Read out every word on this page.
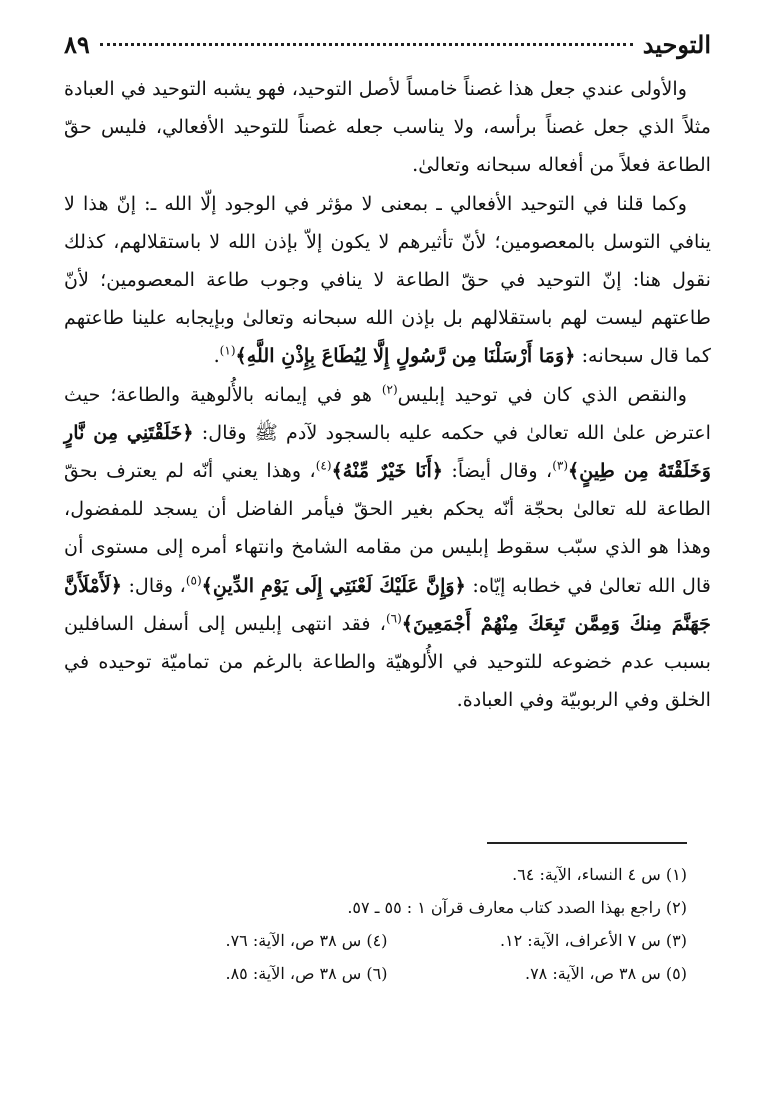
التوحيد
٨٩

والأولى عندي جعل هذا غصناً خامساً لأصل التوحيد، فهو يشبه التوحيد في العبادة مثلاً الذي جعل غصناً برأسه، ولا يناسب جعله غصناً للتوحيد الأفعالي، فليس حقّ الطاعة فعلاً من أفعاله سبحانه وتعالىٰ.

وكما قلنا في التوحيد الأفعالي ـ بمعنى لا مؤثر في الوجود إلّا الله ـ: إنّ هذا لا ينافي التوسل بالمعصومين؛ لأنّ تأثيرهم لا يكون إلاّ بإذن الله لا باستقلالهم، كذلك نقول هنا: إنّ التوحيد في حقّ الطاعة لا ينافي وجوب طاعة المعصومين؛ لأنّ طاعتهم ليست لهم باستقلالهم بل بإذن الله سبحانه وتعالىٰ وبإيجابه علينا طاعتهم كما قال سبحانه: ﴿وَمَا أَرْسَلْنَا مِن رَّسُولٍ إِلَّا لِيُطَاعَ بِإِذْنِ اللَّهِ﴾$^{(١)}$.

والنقص الذي كان في توحيد إبليس$^{(٢)}$ هو في إيمانه بالأُلوهية والطاعة؛ حيث اعترض علىٰ الله تعالىٰ في حكمه عليه بالسجود لآدم ﷺ وقال: ﴿خَلَقْتَنِي مِن نَّارٍ وَخَلَقْتَهُ مِن طِينٍ﴾$^{(٣)}$، وقال أيضاً: ﴿أَنَا خَيْرٌ مِّنْهُ﴾$^{(٤)}$، وهذا يعني أنّه لم يعترف بحقّ الطاعة لله تعالىٰ بحجّة أنّه يحكم بغير الحقّ فيأمر الفاضل أن يسجد للمفضول، وهذا هو الذي سبّب سقوط إبليس من مقامه الشامخ وانتهاء أمره إلى مستوى أن قال الله تعالىٰ في خطابه إيّاه: ﴿وَإِنَّ عَلَيْكَ لَعْنَتِي إِلَى يَوْمِ الدِّينِ﴾$^{(٥)}$، وقال: ﴿لَأَمْلَأَنَّ جَهَنَّمَ مِنكَ وَمِمَّن تَبِعَكَ مِنْهُمْ أَجْمَعِينَ﴾$^{(٦)}$، فقد انتهى إبليس إلى أسفل السافلين بسبب عدم خضوعه للتوحيد في الأُلوهيّة والطاعة بالرغم من تماميّة توحيده في الخلق وفي الربوبيّة وفي العبادة.

(١) س ٤ النساء، الآية: ٦٤.
(٢) راجع بهذا الصدد كتاب معارف قرآن ١ : ٥٥ ـ ٥٧.
(٣) س ٧ الأعراف، الآية: ١٢.
(٤) س ٣٨ ص، الآية: ٧٦.
(٥) س ٣٨ ص، الآية: ٧٨.
(٦) س ٣٨ ص، الآية: ٨٥.
